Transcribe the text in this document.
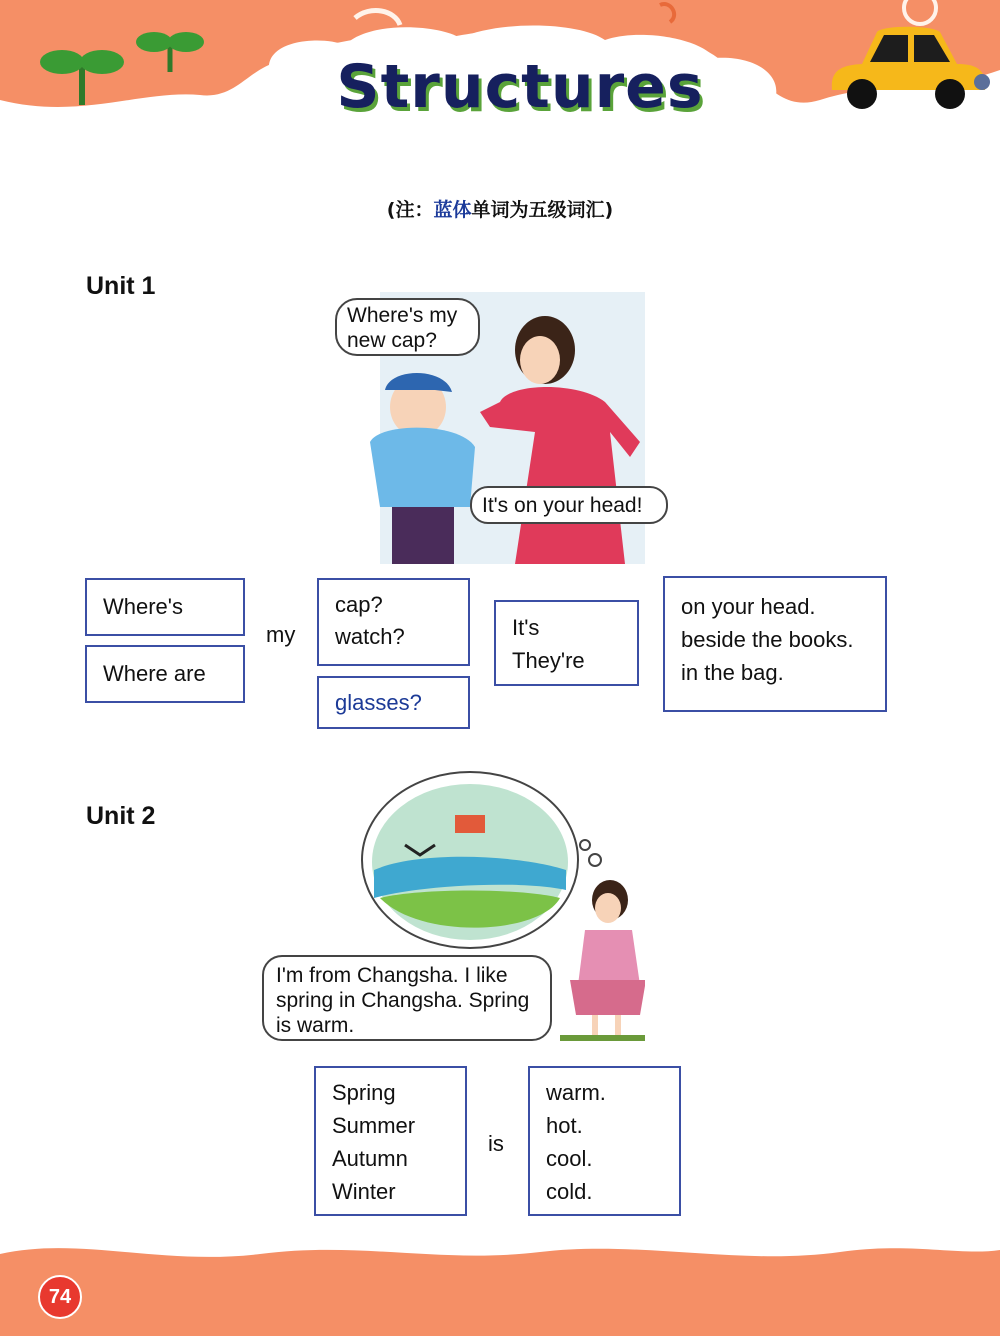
Structures
(注：蓝体单词为五级词汇)
Unit 1
Where's my
new cap?
It's on your head!
Where's
Where are
my
cap?
watch?
glasses?
It's
They're
on your head.
beside the books.
in the bag.
Unit 2
I'm from Changsha. I like
spring in Changsha. Spring
is warm.
Spring
Summer
Autumn
Winter
is
warm.
hot.
cool.
cold.
74
